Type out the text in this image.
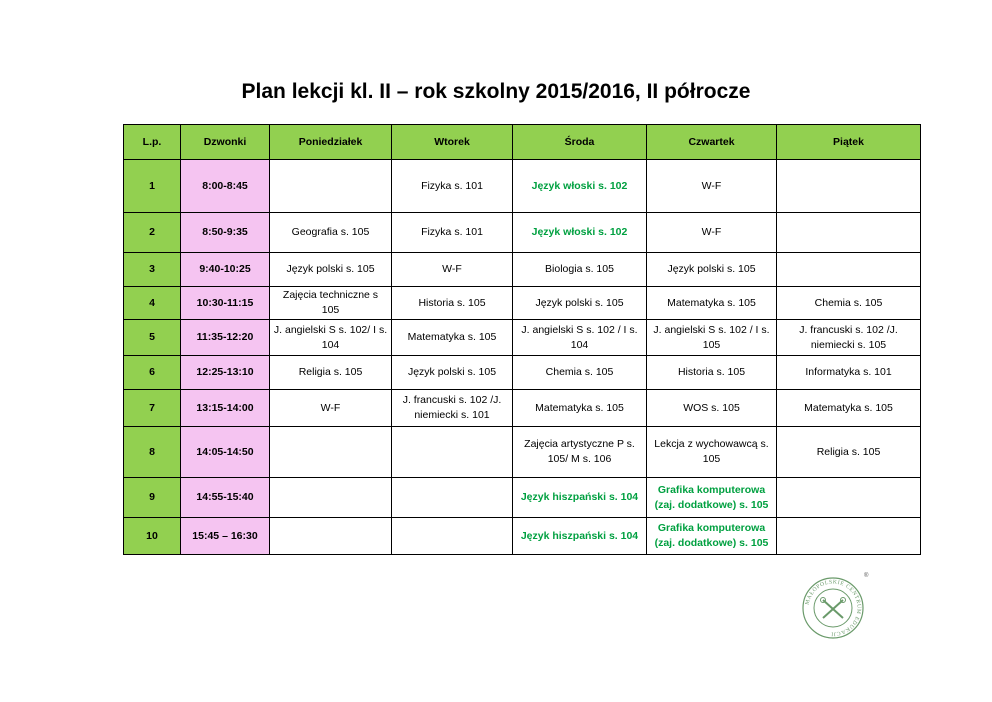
Plan lekcji kl. II – rok szkolny 2015/2016, II półrocze
L.p.	Dzwonki	Poniedziałek	Wtorek	Środa	Czwartek	Piątek
1	8:00-8:45		Fizyka s. 101	Język włoski s. 102	W-F	
2	8:50-9:35	Geografia s. 105	Fizyka s. 101	Język włoski s. 102	W-F	
3	9:40-10:25	Język polski s. 105	W-F	Biologia s. 105	Język polski s. 105	
4	10:30-11:15	Zajęcia techniczne s 105	Historia s. 105	Język polski s. 105	Matematyka s. 105	Chemia s. 105
5	11:35-12:20	J. angielski S s. 102/ I s. 104	Matematyka s. 105	J. angielski S s. 102 / I s. 104	J. angielski S s. 102 / I s. 105	J. francuski s. 102 /J. niemiecki s. 105
6	12:25-13:10	Religia s. 105	Język polski s. 105	Chemia s. 105	Historia s. 105	Informatyka s. 101
7	13:15-14:00	W-F	J. francuski s. 102 /J. niemiecki s. 101	Matematyka s. 105	WOS s. 105	Matematyka s. 105
8	14:05-14:50			Zajęcia artystyczne P s. 105/ M s. 106	Lekcja z wychowawcą s. 105	Religia s. 105
9	14:55-15:40			Język hiszpański s. 104	Grafika komputerowa (zaj. dodatkowe) s. 105	
10	15:45 – 16:30			Język hiszpański s. 104	Grafika komputerowa (zaj. dodatkowe) s. 105	
MAŁOPOLSKIE CENTRUM EDUKACJI
®
